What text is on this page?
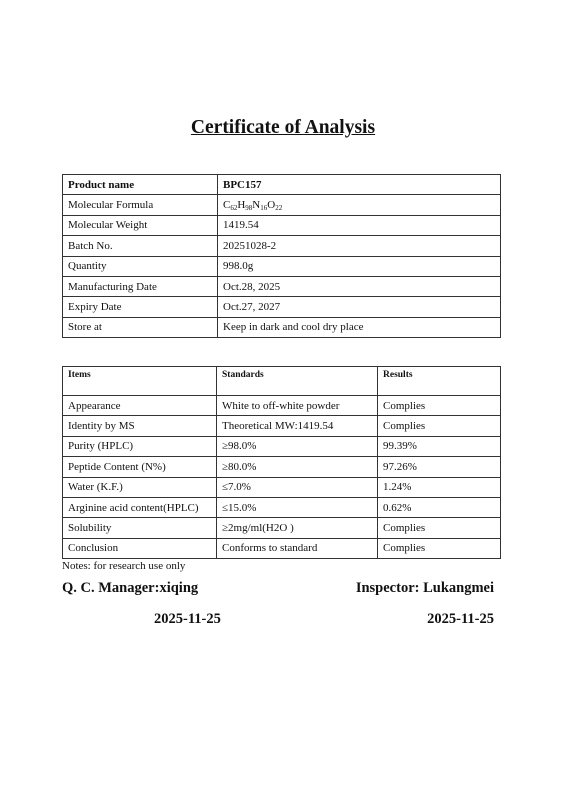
Certificate of Analysis
Product name	BPC157
Molecular Formula	$C_{62}H_{98}N_{16}O_{22}$
Molecular Weight	1419.54
Batch No.	20251028-2
Quantity	998.0g
Manufacturing Date	Oct.28, 2025
Expiry Date	Oct.27, 2027
Store at	Keep in dark and cool dry place
Items	Standards	Results
Appearance	White to off-white powder	Complies
Identity by MS	Theoretical MW:1419.54	Complies
Purity (HPLC)	≥98.0%	99.39%
Peptide Content (N%)	≥80.0%	97.26%
Water (K.F.)	≤7.0%	1.24%
Arginine acid content(HPLC)	≤15.0%	0.62%
Solubility	≥2mg/ml(H2O )	Complies
Conclusion	Conforms to standard	Complies
Notes: for research use only
Q. C. Manager:xiqing	Inspector: Lukangmei
2025-11-25	2025-11-25
